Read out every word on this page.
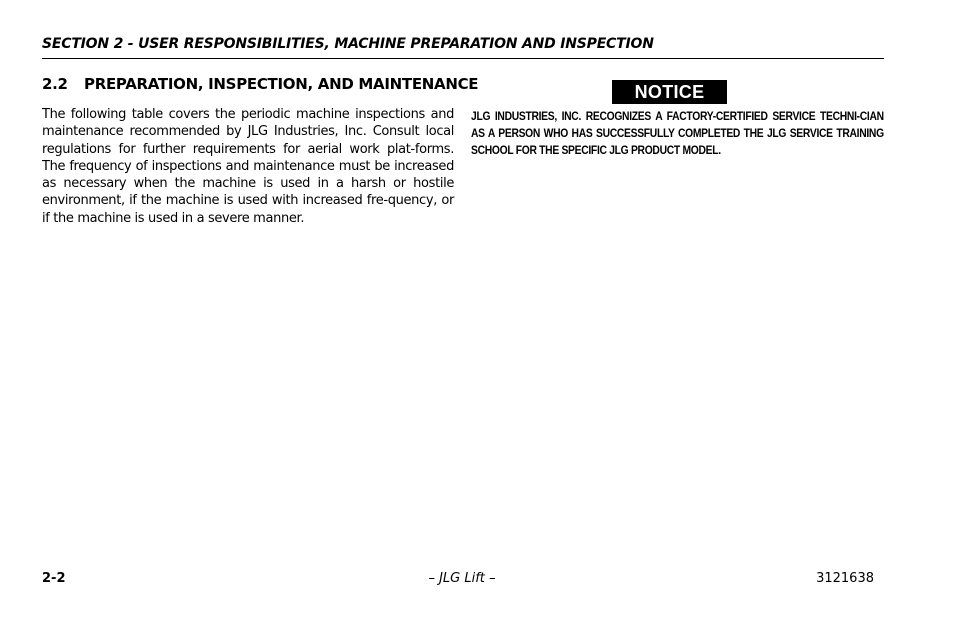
SECTION 2 - USER RESPONSIBILITIES, MACHINE PREPARATION AND INSPECTION
2.2 PREPARATION, INSPECTION, AND MAINTENANCE

The following table covers the periodic machine inspections and maintenance recommended by JLG Industries, Inc. Consult local regulations for further requirements for aerial work plat-forms. The frequency of inspections and maintenance must be increased as necessary when the machine is used in a harsh or hostile environment, if the machine is used with increased fre-quency, or if the machine is used in a severe manner.

NOTICE

JLG INDUSTRIES, INC. RECOGNIZES A FACTORY-CERTIFIED SERVICE TECHNI-CIAN AS A PERSON WHO HAS SUCCESSFULLY COMPLETED THE JLG SERVICE TRAINING SCHOOL FOR THE SPECIFIC JLG PRODUCT MODEL.

2-2	– JLG Lift –	3121638
